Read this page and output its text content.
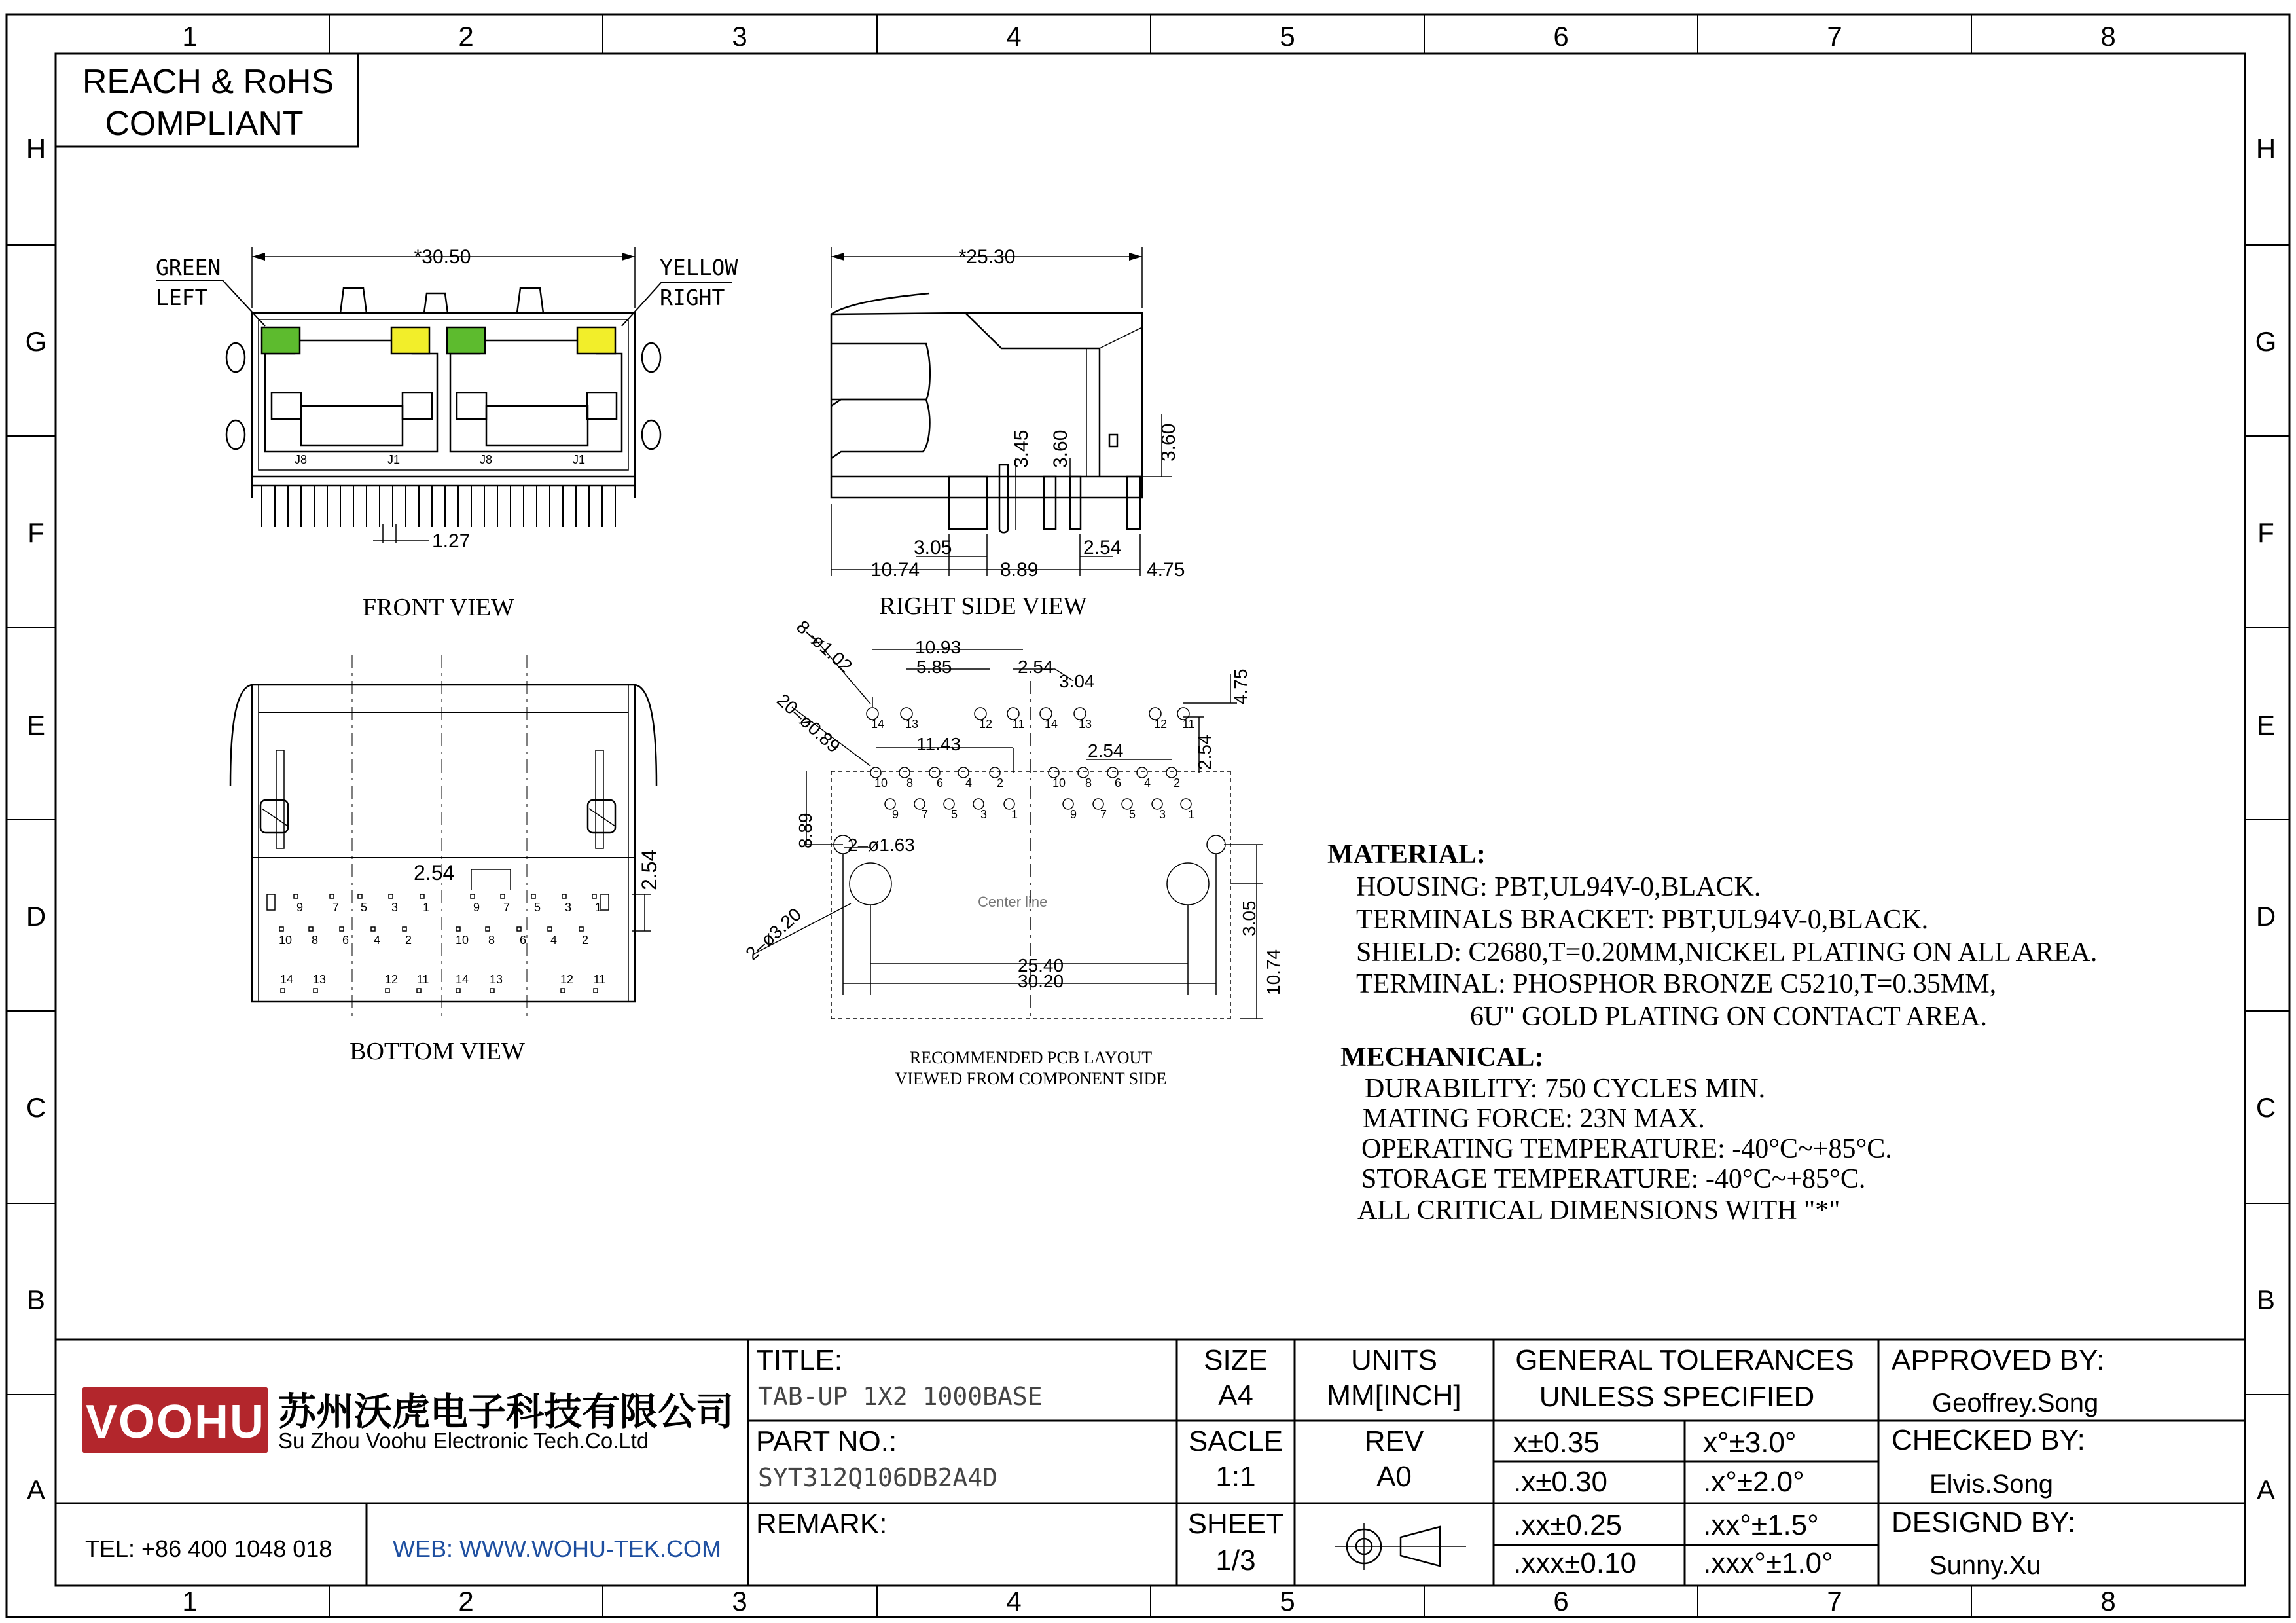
1	2	3	4	5	6	7	8
1	2	3	4	5	6	7	8
H
G
F
E
D
C
B
A
H
G
F
E
D
C
B
A
REACH & RoHS
COMPLIANT
*30.50
GREEN
LEFT
YELLOW
RIGHT
J8	J1	J8	J1
1.27
FRONT VIEW
*25.30
3.45 3.60	3.60
3.05	2.54
10.74	8.89	4.75
RIGHT SIDE VIEW
2.54	2.54
9 7 5 3 1	9 7 5 3 1
10 8 6 4 2	10 8 6 4 2
14 13	12 11 14 13	12 11
BOTTOM VIEW
8–ø1.02
20–ø0.89
2–ø1.63
2–ø3.20
10.93
5.85	2.54
3.04	4.75
2.54
11.43	2.54
8.89
3.05
10.74
25.40
30.20
Center line
14 13	12 11 14 13	12 11
10 8 6 4 2	10 8 6 4 2
9 7 5 3 1	9 7 5 3 1
RECOMMENDED PCB LAYOUT
VIEWED FROM COMPONENT SIDE
MATERIAL:
HOUSING: PBT,UL94V-0,BLACK.
TERMINALS BRACKET: PBT,UL94V-0,BLACK.
SHIELD: C2680,T=0.20MM,NICKEL PLATING ON ALL AREA.
TERMINAL: PHOSPHOR BRONZE C5210,T=0.35MM,
6U" GOLD PLATING ON CONTACT AREA.
MECHANICAL:
DURABILITY: 750 CYCLES MIN.
MATING FORCE: 23N MAX.
OPERATING TEMPERATURE: -40°C~+85°C.
STORAGE TEMPERATURE: -40°C~+85°C.
ALL CRITICAL DIMENSIONS WITH "*"
VOOHU 苏州沃虎电子科技有限公司
Su Zhou Voohu Electronic Tech.Co.Ltd
TEL: +86 400 1048 018	WEB: WWW.WOHU-TEK.COM
TITLE:
TAB-UP 1X2 1000BASE
PART NO.:
SYT312Q106DB2A4D
REMARK:
SIZE
A4
SACLE
1:1
SHEET
1/3
UNITS
MM[INCH]
REV
A0
GENERAL TOLERANCES
UNLESS SPECIFIED
x±0.35	x°±3.0°
.x±0.30	.x°±2.0°
.xx±0.25	.xx°±1.5°
.xxx±0.10 .xxx°±1.0°
APPROVED BY:
Geoffrey.Song
CHECKED BY:
Elvis.Song
DESIGND BY:
Sunny.Xu
